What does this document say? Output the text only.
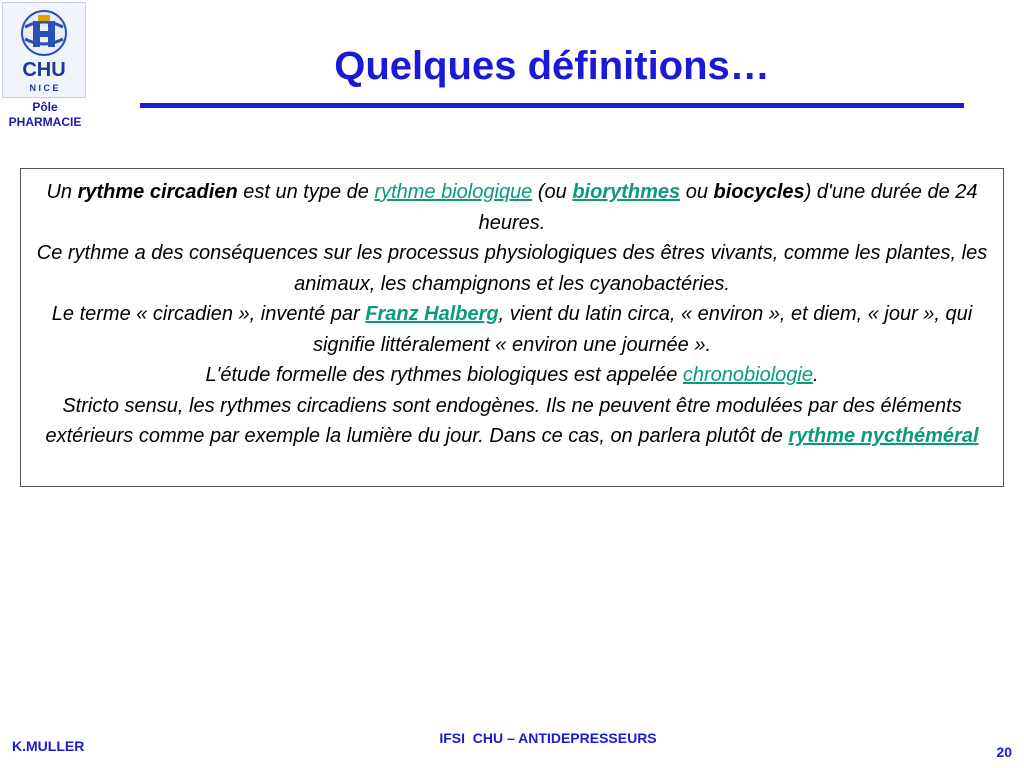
CHU
N I C E
Pôle
PHARMACIE
Quelques définitions…

Un rythme circadien est un type de rythme biologique (ou biorythmes ou biocycles) d'une durée de 24 heures.

Ce rythme a des conséquences sur les processus physiologiques des êtres vivants, comme les plantes, les animaux, les champignons et les cyanobactéries.

Le terme « circadien », inventé par Franz Halberg, vient du latin circa, « environ », et diem, « jour », qui signifie littéralement « environ une journée ».

L'étude formelle des rythmes biologiques est appelée chronobiologie.

Stricto sensu, les rythmes circadiens sont endogènes. Ils ne peuvent être modulées par des éléments extérieurs comme par exemple la lumière du jour. Dans ce cas, on parlera plutôt de rythme nycthéméral

K.MULLER	IFSI  CHU – ANTIDEPRESSEURS
20
